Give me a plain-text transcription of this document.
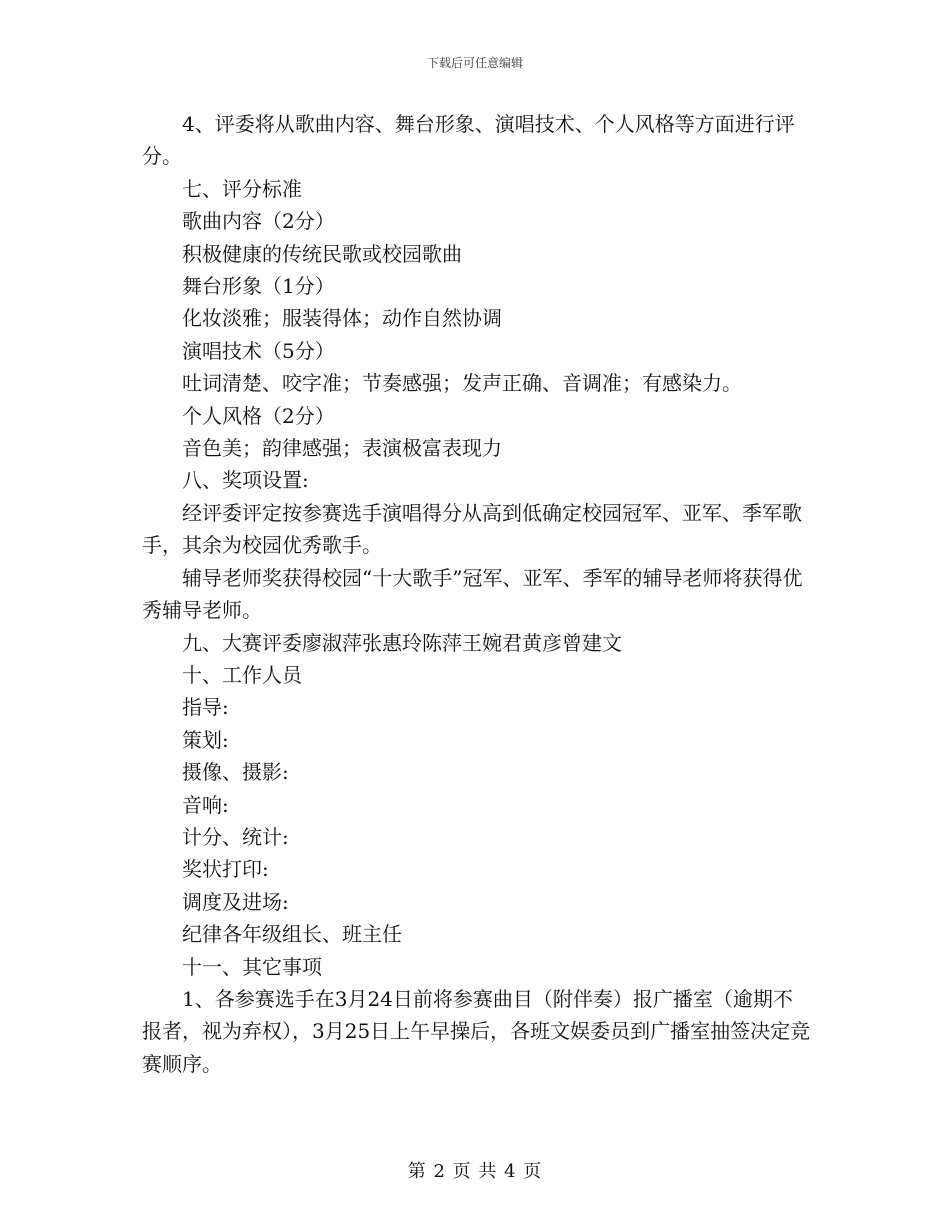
下载后可任意编辑

4、评委将从歌曲内容、舞台形象、演唱技术、个人风格等方面进行评分。

七、评分标准

歌曲内容（2分）

积极健康的传统民歌或校园歌曲

舞台形象（1分）

化妆淡雅；服装得体；动作自然协调

演唱技术（5分）

吐词清楚、咬字准；节奏感强；发声正确、音调准；有感染力。

个人风格（2分）

音色美；韵律感强；表演极富表现力

八、奖项设置:

经评委评定按参赛选手演唱得分从高到低确定校园冠军、亚军、季军歌手，其余为校园优秀歌手。

辅导老师奖获得校园“十大歌手”冠军、亚军、季军的辅导老师将获得优秀辅导老师。

九、大赛评委廖淑萍张惠玲陈萍王婉君黄彦曾建文

十、工作人员

指导:

策划:

摄像、摄影:

音响:

计分、统计:

奖状打印:

调度及进场:

纪律各年级组长、班主任

十一、其它事项

1、各参赛选手在3月24日前将参赛曲目（附伴奏）报广播室（逾期不报者，视为弃权），3月25日上午早操后，各班文娱委员到广播室抽签决定竞赛顺序。

第 2 页 共 4 页
